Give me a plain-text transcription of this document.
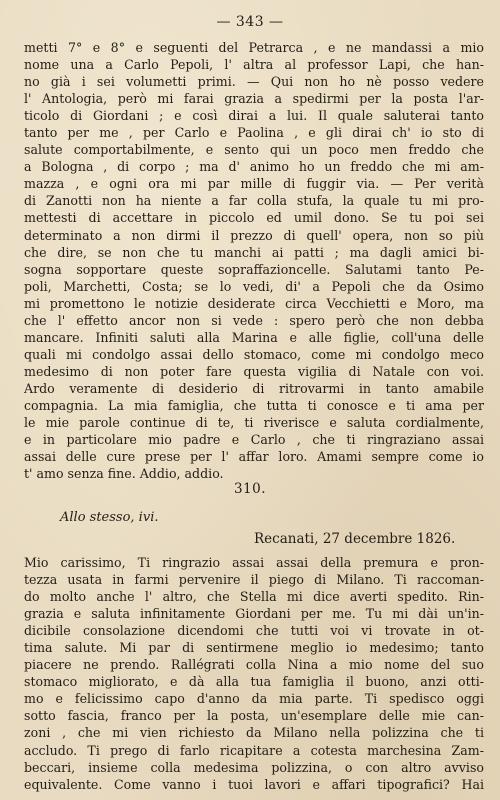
— 343 —
metti 7° e 8° e seguenti del Petrarca , e ne mandassi a mio
nome una a Carlo Pepoli, l' altra al professor Lapi, che han-
no già i sei volumetti primi. — Qui non ho nè posso vedere
l' Antologia, però mi farai grazia a spedirmi per la posta l'ar-
ticolo di Giordani ; e così dirai a lui. Il quale saluterai tanto
tanto per me , per Carlo e Paolina , e gli dirai ch' io sto di
salute comportabilmente, e sento qui un poco men freddo che
a Bologna , di corpo ; ma d' animo ho un freddo che mi am-
mazza , e ogni ora mi par mille di fuggir via. — Per verità
di Zanotti non ha niente a far colla stufa, la quale tu mi pro-
mettesti di accettare in piccolo ed umil dono. Se tu poi sei
determinato a non dirmi il prezzo di quell' opera, non so più
che dire, se non che tu manchi ai patti ; ma dagli amici bi-
sogna sopportare queste sopraffazioncelle. Salutami tanto Pe-
poli, Marchetti, Costa; se lo vedi, di' a Pepoli che da Osimo
mi promettono le notizie desiderate circa Vecchietti e Moro, ma
che l' effetto ancor non si vede : spero però che non debba
mancare. Infiniti saluti alla Marina e alle figlie, coll'una delle
quali mi condolgo assai dello stomaco, come mi condolgo meco
medesimo di non poter fare questa vigilia di Natale con voi.
Ardo veramente di desiderio di ritrovarmi in tanto amabile
compagnia. La mia famiglia, che tutta ti conosce e ti ama per
le mie parole continue di te, ti riverisce e saluta cordialmente,
e in particolare mio padre e Carlo , che ti ringraziano assai
assai delle cure prese per l' affar loro. Amami sempre come io
t' amo senza fine. Addio, addio.
310.
Allo stesso, ivi.
Recanati, 27 decembre 1826.
Mio carissimo, Ti ringrazio assai assai della premura e pron-
tezza usata in farmi pervenire il piego di Milano. Ti raccoman-
do molto anche l' altro, che Stella mi dice averti spedito. Rin-
grazia e saluta infinitamente Giordani per me. Tu mi dài un'in-
dicibile consolazione dicendomi che tutti voi vi trovate in ot-
tima salute. Mi par di sentirmene meglio io medesimo; tanto
piacere ne prendo. Rallégrati colla Nina a mio nome del suo
stomaco migliorato, e dà alla tua famiglia il buono, anzi otti-
mo e felicissimo capo d'anno da mia parte. Ti spedisco oggi
sotto fascia, franco per la posta, un'esemplare delle mie can-
zoni , che mi vien richiesto da Milano nella polizzina che ti
accludo. Ti prego di farlo ricapitare a cotesta marchesina Zam-
beccari, insieme colla medesima polizzina, o con altro avviso
equivalente. Come vanno i tuoi lavori e affari tipografici? Hai
